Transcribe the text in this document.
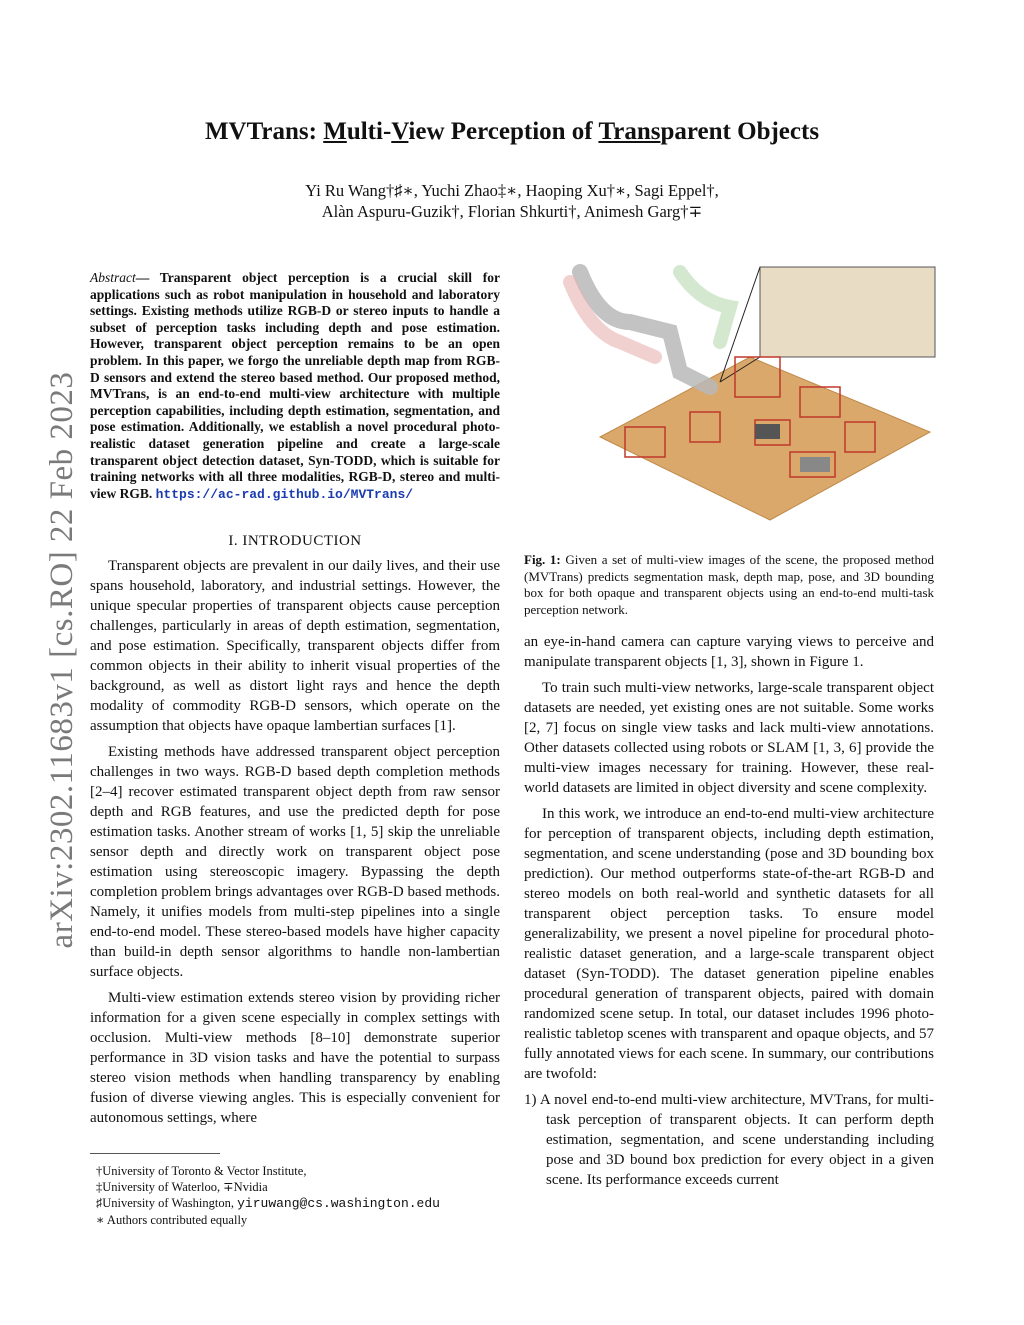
arXiv:2302.11683v1 [cs.RO] 22 Feb 2023
MVTrans: Multi-View Perception of Transparent Objects
Yi Ru Wang†♯∗, Yuchi Zhao‡∗, Haoping Xu†∗, Sagi Eppel†,
Alàn Aspuru-Guzik†, Florian Shkurti†, Animesh Garg†∓
Abstract— Transparent object perception is a crucial skill for applications such as robot manipulation in household and laboratory settings. Existing methods utilize RGB-D or stereo inputs to handle a subset of perception tasks including depth and pose estimation. However, transparent object perception remains to be an open problem. In this paper, we forgo the unreliable depth map from RGB-D sensors and extend the stereo based method. Our proposed method, MVTrans, is an end-to-end multi-view architecture with multiple perception capabilities, including depth estimation, segmentation, and pose estimation. Additionally, we establish a novel procedural photo-realistic dataset generation pipeline and create a large-scale transparent object detection dataset, Syn-TODD, which is suitable for training networks with all three modalities, RGB-D, stereo and multi-view RGB. https://ac-rad.github.io/MVTrans/
I. INTRODUCTION

Transparent objects are prevalent in our daily lives, and their use spans household, laboratory, and industrial settings. However, the unique specular properties of transparent objects cause perception challenges, particularly in areas of depth estimation, segmentation, and pose estimation. Specifically, transparent objects differ from common objects in their ability to inherit visual properties of the background, as well as distort light rays and hence the depth modality of commodity RGB-D sensors, which operate on the assumption that objects have opaque lambertian surfaces [1].

Existing methods have addressed transparent object perception challenges in two ways. RGB-D based depth completion methods [2–4] recover estimated transparent object depth from raw sensor depth and RGB features, and use the predicted depth for pose estimation tasks. Another stream of works [1, 5] skip the unreliable sensor depth and directly work on transparent object pose estimation using stereoscopic imagery. Bypassing the depth completion problem brings advantages over RGB-D based methods. Namely, it unifies models from multi-step pipelines into a single end-to-end model. These stereo-based models have higher capacity than build-in depth sensor algorithms to handle non-lambertian surface objects.

Multi-view estimation extends stereo vision by providing richer information for a given scene especially in complex settings with occlusion. Multi-view methods [8–10] demonstrate superior performance in 3D vision tasks and have the potential to surpass stereo vision methods when handling transparency by enabling fusion of diverse viewing angles. This is especially convenient for autonomous settings, where

†University of Toronto & Vector Institute,
‡University of Waterloo, ∓Nvidia
♯University of Washington, yiruwang@cs.washington.edu
∗ Authors contributed equally
Fig. 1: Given a set of multi-view images of the scene, the proposed method (MVTrans) predicts segmentation mask, depth map, pose, and 3D bounding box for both opaque and transparent objects using an end-to-end multi-task perception network.

an eye-in-hand camera can capture varying views to perceive and manipulate transparent objects [1, 3], shown in Figure 1.

To train such multi-view networks, large-scale transparent object datasets are needed, yet existing ones are not suitable. Some works [2, 7] focus on single view tasks and lack multi-view annotations. Other datasets collected using robots or SLAM [1, 3, 6] provide the multi-view images necessary for training. However, these real-world datasets are limited in object diversity and scene complexity.

In this work, we introduce an end-to-end multi-view architecture for perception of transparent objects, including depth estimation, segmentation, and scene understanding (pose and 3D bounding box prediction). Our method outperforms state-of-the-art RGB-D and stereo models on both real-world and synthetic datasets for all transparent object perception tasks. To ensure model generalizability, we present a novel pipeline for procedural photo-realistic dataset generation, and a large-scale transparent object dataset (Syn-TODD). The dataset generation pipeline enables procedural generation of transparent objects, paired with domain randomized scene setup. In total, our dataset includes 1996 photo-realistic tabletop scenes with transparent and opaque objects, and 57 fully annotated views for each scene. In summary, our contributions are twofold:

1) A novel end-to-end multi-view architecture, MVTrans, for multi-task perception of transparent objects. It can perform depth estimation, segmentation, and scene understanding including pose and 3D bound box prediction for every object in a given scene. Its performance exceeds current
